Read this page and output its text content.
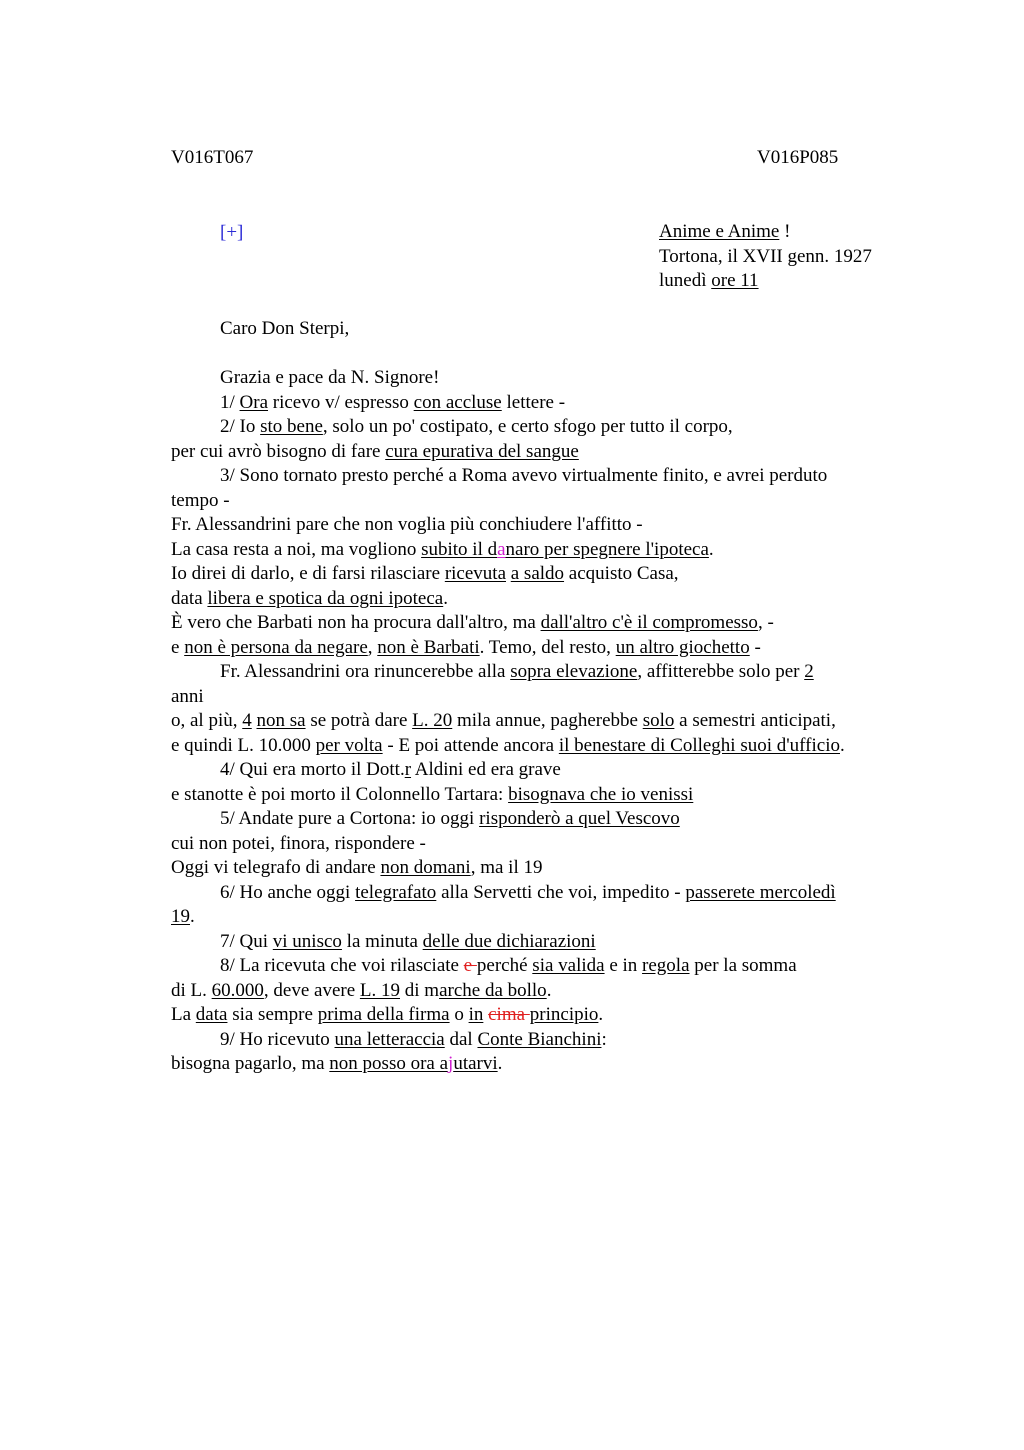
V016T067	V016P085
[+]	Anime e Anime !
Tortona, il XVII genn. 1927
lunedì ore 11
Caro Don Sterpi,
Grazia e pace da N. Signore!
1/ Ora ricevo v/ espresso con accluse lettere -
2/ Io sto bene, solo un po' costipato, e certo sfogo per tutto il corpo,
per cui avrò bisogno di fare cura epurativa del sangue
3/ Sono tornato presto perché a Roma avevo virtualmente finito, e avrei perduto
tempo -
Fr. Alessandrini pare che non voglia più conchiudere l'affitto -
La casa resta a noi, ma vogliono subito il danaro per spegnere l'ipoteca.
Io direi di darlo, e di farsi rilasciare ricevuta a saldo acquisto Casa,
data libera e spotica da ogni ipoteca.
È vero che Barbati non ha procura dall'altro, ma dall'altro c'è il compromesso, -
e non è persona da negare, non è Barbati. Temo, del resto, un altro giochetto -
Fr. Alessandrini ora rinuncerebbe alla sopra elevazione, affitterebbe solo per 2
anni
o, al più, 4 non sa se potrà dare L. 20 mila annue, pagherebbe solo a semestri anticipati,
e quindi L. 10.000 per volta - E poi attende ancora il benestare di Colleghi suoi d'ufficio.
4/ Qui era morto il Dott.r Aldini ed era grave
e stanotte è poi morto il Colonnello Tartara: bisognava che io venissi
5/ Andate pure a Cortona: io oggi risponderò a quel Vescovo
cui non potei, finora, rispondere -
Oggi vi telegrafo di andare non domani, ma il 19
6/ Ho anche oggi telegrafato alla Servetti che voi, impedito - passerete mercoledì
19.
7/ Qui vi unisco la minuta delle due dichiarazioni
8/ La ricevuta che voi rilasciate e perché sia valida e in regola per la somma
di L. 60.000, deve avere L. 19 di marche da bollo.
La data sia sempre prima della firma o in cima principio.
9/ Ho ricevuto una letteraccia dal Conte Bianchini:
bisogna pagarlo, ma non posso ora ajutarvi.
